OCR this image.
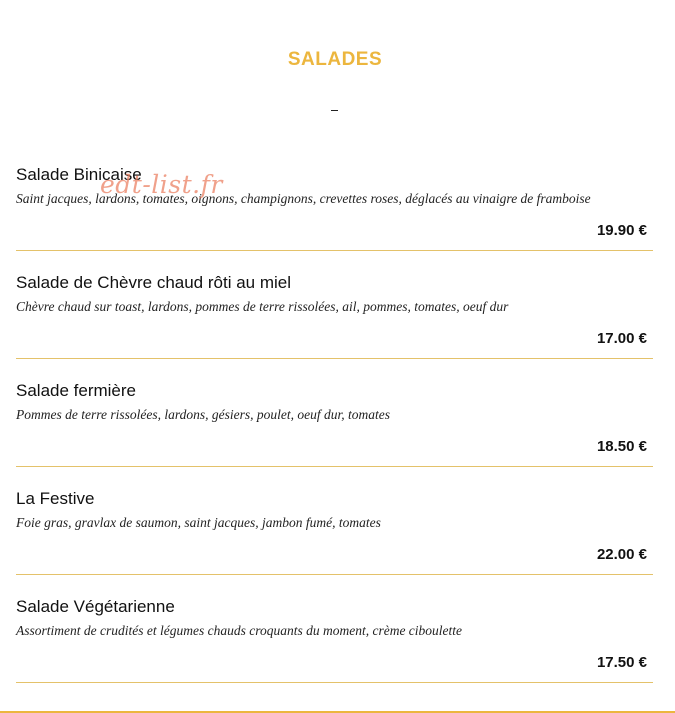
SALADES
Salade Binicaise
Saint jacques, lardons, tomates, oignons, champignons, crevettes roses, déglacés au vinaigre de framboise
19.90 €
Salade de Chèvre chaud rôti au miel
Chèvre chaud sur toast, lardons, pommes de terre rissolées, ail, pommes, tomates, oeuf dur
17.00 €
Salade fermière
Pommes de terre rissolées, lardons, gésiers, poulet, oeuf dur, tomates
18.50 €
La Festive
Foie gras, gravlax de saumon, saint jacques, jambon fumé, tomates
22.00 €
Salade Végétarienne
Assortiment de crudités et légumes chauds croquants du moment, crème ciboulette
17.50 €
edt-list.fr
